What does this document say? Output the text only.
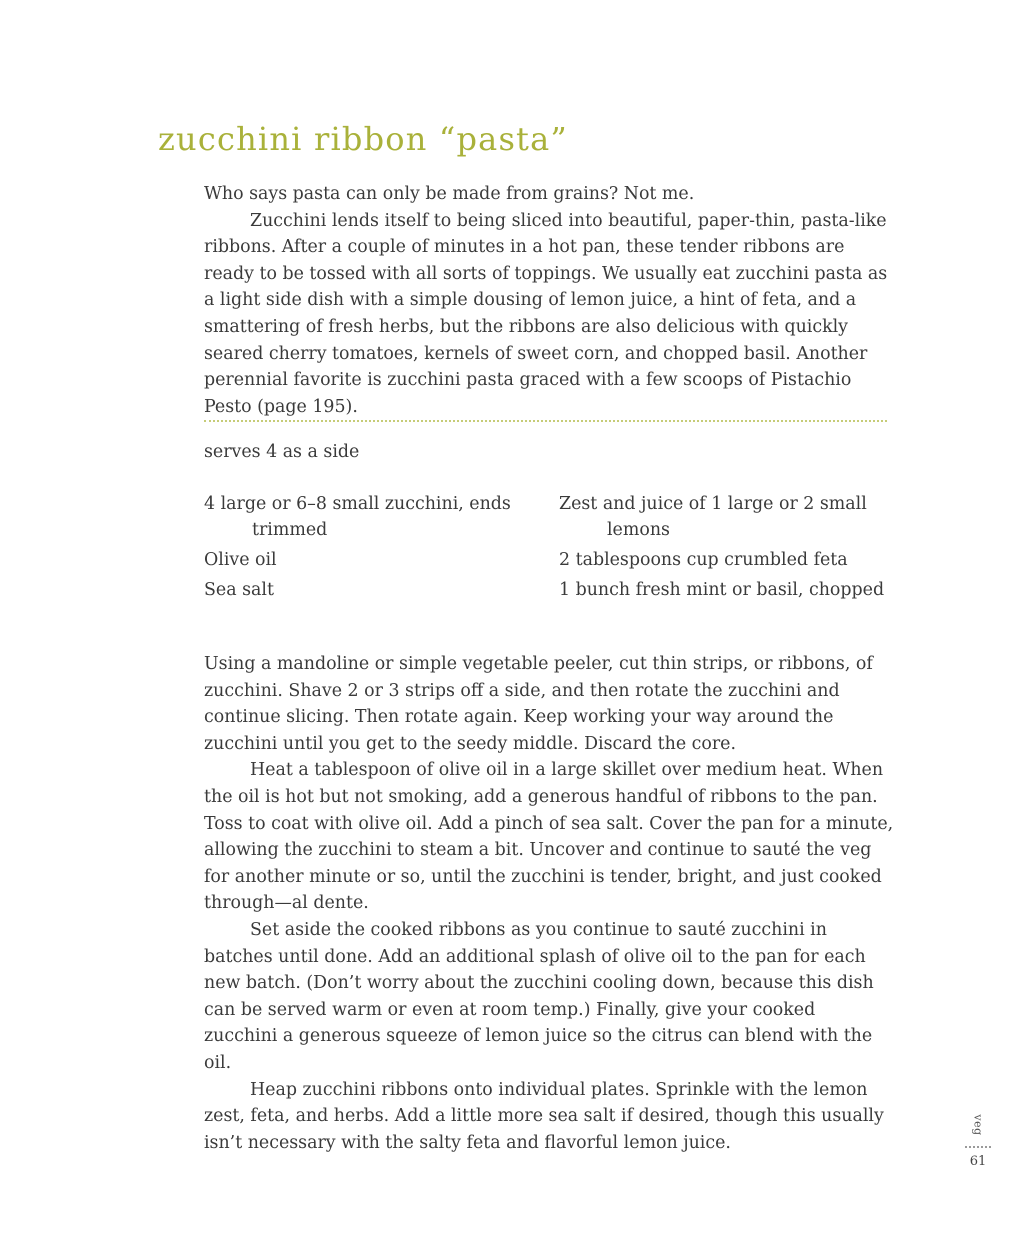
zucchini ribbon “pasta”

Who says pasta can only be made from grains? Not me.

Zucchini lends itself to being sliced into beautiful, paper-thin, pasta-like ribbons. After a couple of minutes in a hot pan, these tender ribbons are ready to be tossed with all sorts of toppings. We usually eat zucchini pasta as a light side dish with a simple dousing of lemon juice, a hint of feta, and a smattering of fresh herbs, but the ribbons are also delicious with quickly seared cherry tomatoes, kernels of sweet corn, and chopped basil. Another perennial favorite is zucchini pasta graced with a few scoops of Pistachio Pesto (page 195).

serves 4 as a side
4 large or 6–8 small zucchini, ends trimmed
Olive oil
Sea salt
Zest and juice of 1 large or 2 small lemons
2 tablespoons cup crumbled feta
1 bunch fresh mint or basil, chopped

Using a mandoline or simple vegetable peeler, cut thin strips, or ribbons, of zucchini. Shave 2 or 3 strips off a side, and then rotate the zucchini and continue slicing. Then rotate again. Keep working your way around the zucchini until you get to the seedy middle. Discard the core.

Heat a tablespoon of olive oil in a large skillet over medium heat. When the oil is hot but not smoking, add a generous handful of ribbons to the pan. Toss to coat with olive oil. Add a pinch of sea salt. Cover the pan for a minute, allowing the zucchini to steam a bit. Uncover and continue to sauté the veg for another minute or so, until the zucchini is tender, bright, and just cooked through—al dente.

Set aside the cooked ribbons as you continue to sauté zucchini in batches until done. Add an additional splash of olive oil to the pan for each new batch. (Don’t worry about the zucchini cooling down, because this dish can be served warm or even at room temp.) Finally, give your cooked zucchini a generous squeeze of lemon juice so the citrus can blend with the oil.

Heap zucchini ribbons onto individual plates. Sprinkle with the lemon zest, feta, and herbs. Add a little more sea salt if desired, though this usually isn’t necessary with the salty feta and flavorful lemon juice.

veg
61
